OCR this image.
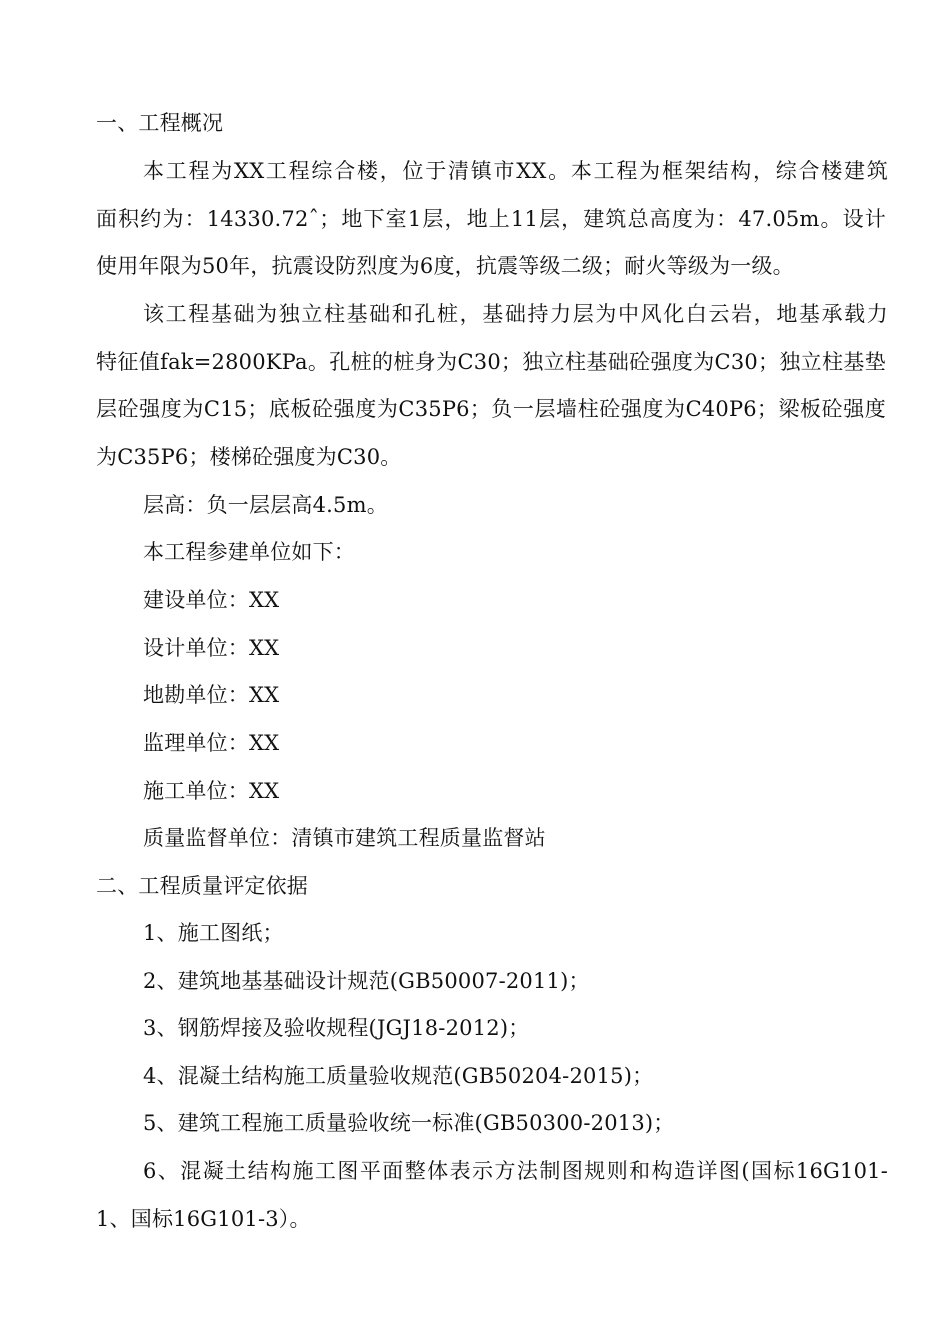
一、工程概况
本工程为XX工程综合楼，位于清镇市XX。本工程为框架结构，综合楼建筑
面积约为：14330.72ˆ；地下室1层，地上11层，建筑总高度为：47.05m。设计
使用年限为50年，抗震设防烈度为6度，抗震等级二级；耐火等级为一级。
该工程基础为独立柱基础和孔桩，基础持力层为中风化白云岩，地基承载力
特征值fak=2800KPa。孔桩的桩身为C30；独立柱基础砼强度为C30；独立柱基垫
层砼强度为C15；底板砼强度为C35P6；负一层墙柱砼强度为C40P6；梁板砼强度
为C35P6；楼梯砼强度为C30。
层高：负一层层高4.5m。
本工程参建单位如下：
建设单位：XX
设计单位：XX
地勘单位：XX
监理单位：XX
施工单位：XX
质量监督单位：清镇市建筑工程质量监督站
二、工程质量评定依据
1、施工图纸；
2、建筑地基基础设计规范(GB50007-2011)；
3、钢筋焊接及验收规程(JGJ18-2012)；
4、混凝土结构施工质量验收规范(GB50204-2015)；
5、建筑工程施工质量验收统一标准(GB50300-2013)；
6、混凝土结构施工图平面整体表示方法制图规则和构造详图(国标16G101-
1、国标16G101-3）。
